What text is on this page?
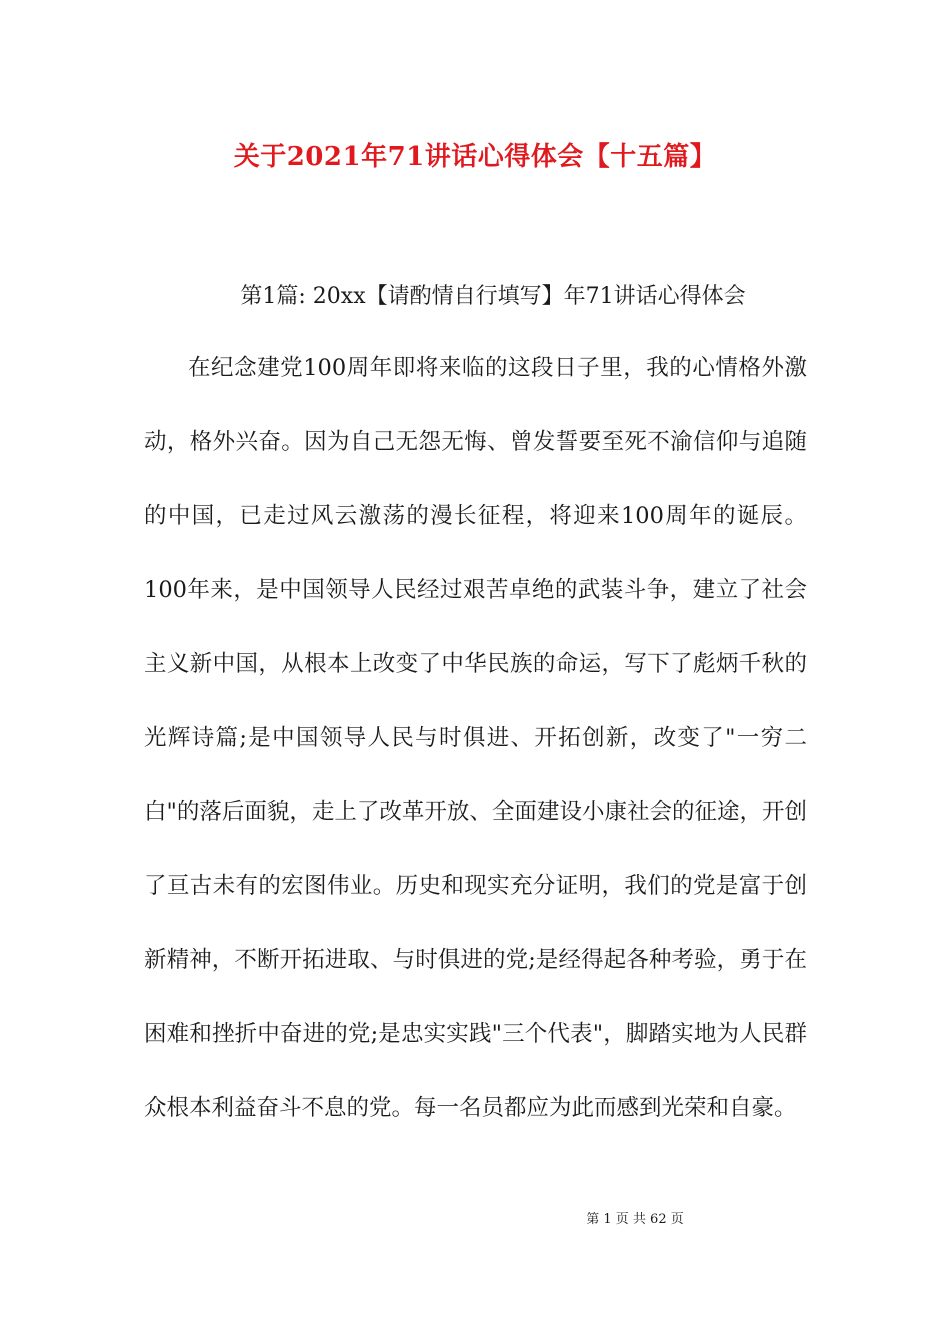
关于2021年71讲话心得体会【十五篇】
第1篇: 20xx【请酌情自行填写】年71讲话心得体会
在纪念建党100周年即将来临的这段日子里，我的心情格外激
动，格外兴奋。因为自己无怨无悔、曾发誓要至死不渝信仰与追随
的中国，已走过风云激荡的漫长征程，将迎来100周年的诞辰。
100年来，是中国领导人民经过艰苦卓绝的武装斗争，建立了社会
主义新中国，从根本上改变了中华民族的命运，写下了彪炳千秋的
光辉诗篇;是中国领导人民与时俱进、开拓创新，改变了"一穷二
白"的落后面貌，走上了改革开放、全面建设小康社会的征途，开创
了亘古未有的宏图伟业。历史和现实充分证明，我们的党是富于创
新精神，不断开拓进取、与时俱进的党;是经得起各种考验，勇于在
困难和挫折中奋进的党;是忠实实践"三个代表"，脚踏实地为人民群
众根本利益奋斗不息的党。每一名员都应为此而感到光荣和自豪。
第 1 页 共 62 页
